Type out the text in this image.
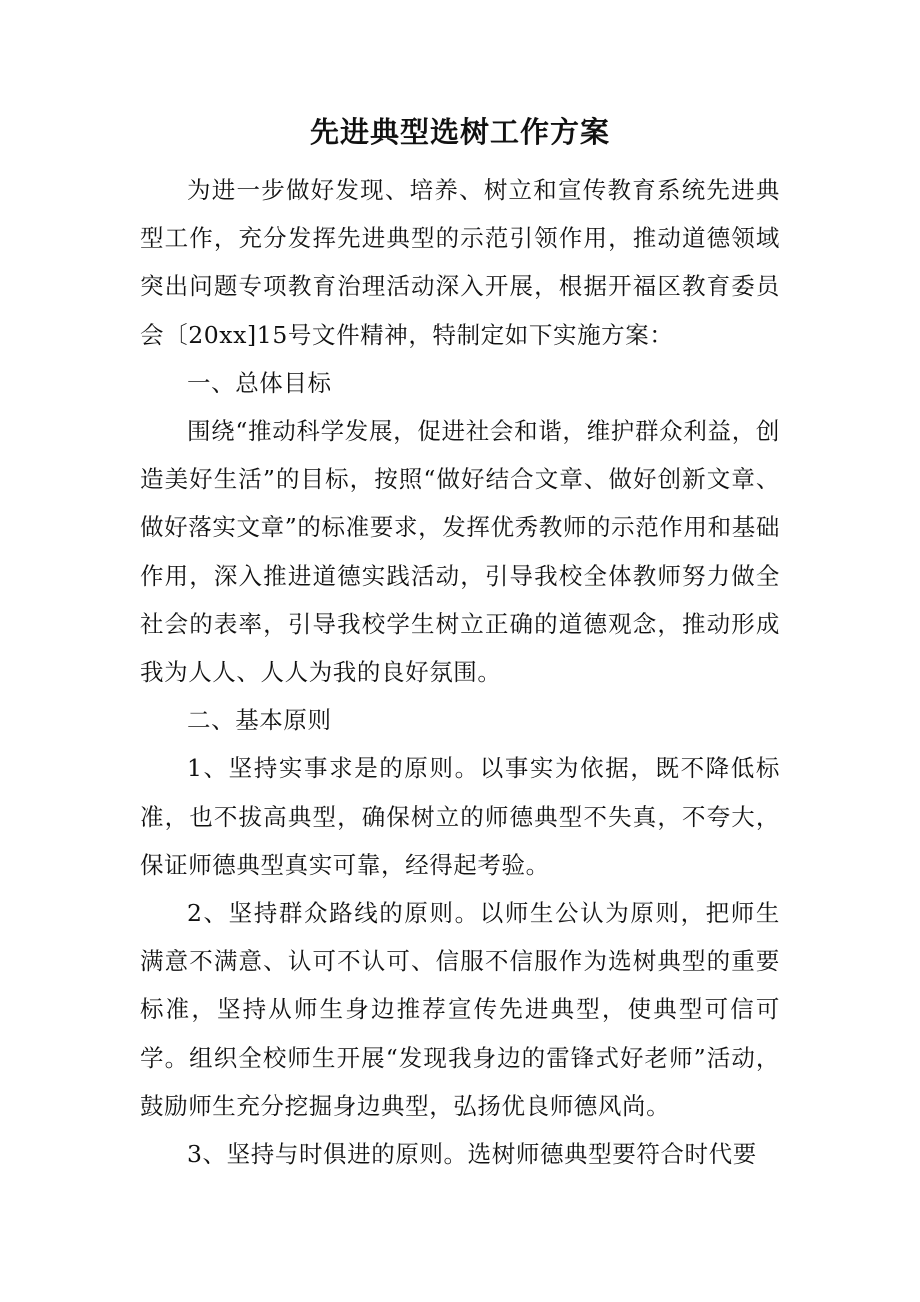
先进典型选树工作方案

为进一步做好发现、培养、树立和宣传教育系统先进典型工作，充分发挥先进典型的示范引领作用，推动道德领域突出问题专项教育治理活动深入开展，根据开福区教育委员会〔20xx]15号文件精神，特制定如下实施方案：

一、总体目标

围绕“推动科学发展，促进社会和谐，维护群众利益，创造美好生活”的目标，按照“做好结合文章、做好创新文章、做好落实文章”的标准要求，发挥优秀教师的示范作用和基础作用，深入推进道德实践活动，引导我校全体教师努力做全社会的表率，引导我校学生树立正确的道德观念，推动形成我为人人、人人为我的良好氛围。

二、基本原则

1、坚持实事求是的原则。以事实为依据，既不降低标准，也不拔高典型，确保树立的师德典型不失真，不夸大，保证师德典型真实可靠，经得起考验。

2、坚持群众路线的原则。以师生公认为原则，把师生满意不满意、认可不认可、信服不信服作为选树典型的重要标准，坚持从师生身边推荐宣传先进典型，使典型可信可学。组织全校师生开展“发现我身边的雷锋式好老师”活动，鼓励师生充分挖掘身边典型，弘扬优良师德风尚。

3、坚持与时俱进的原则。选树师德典型要符合时代要
